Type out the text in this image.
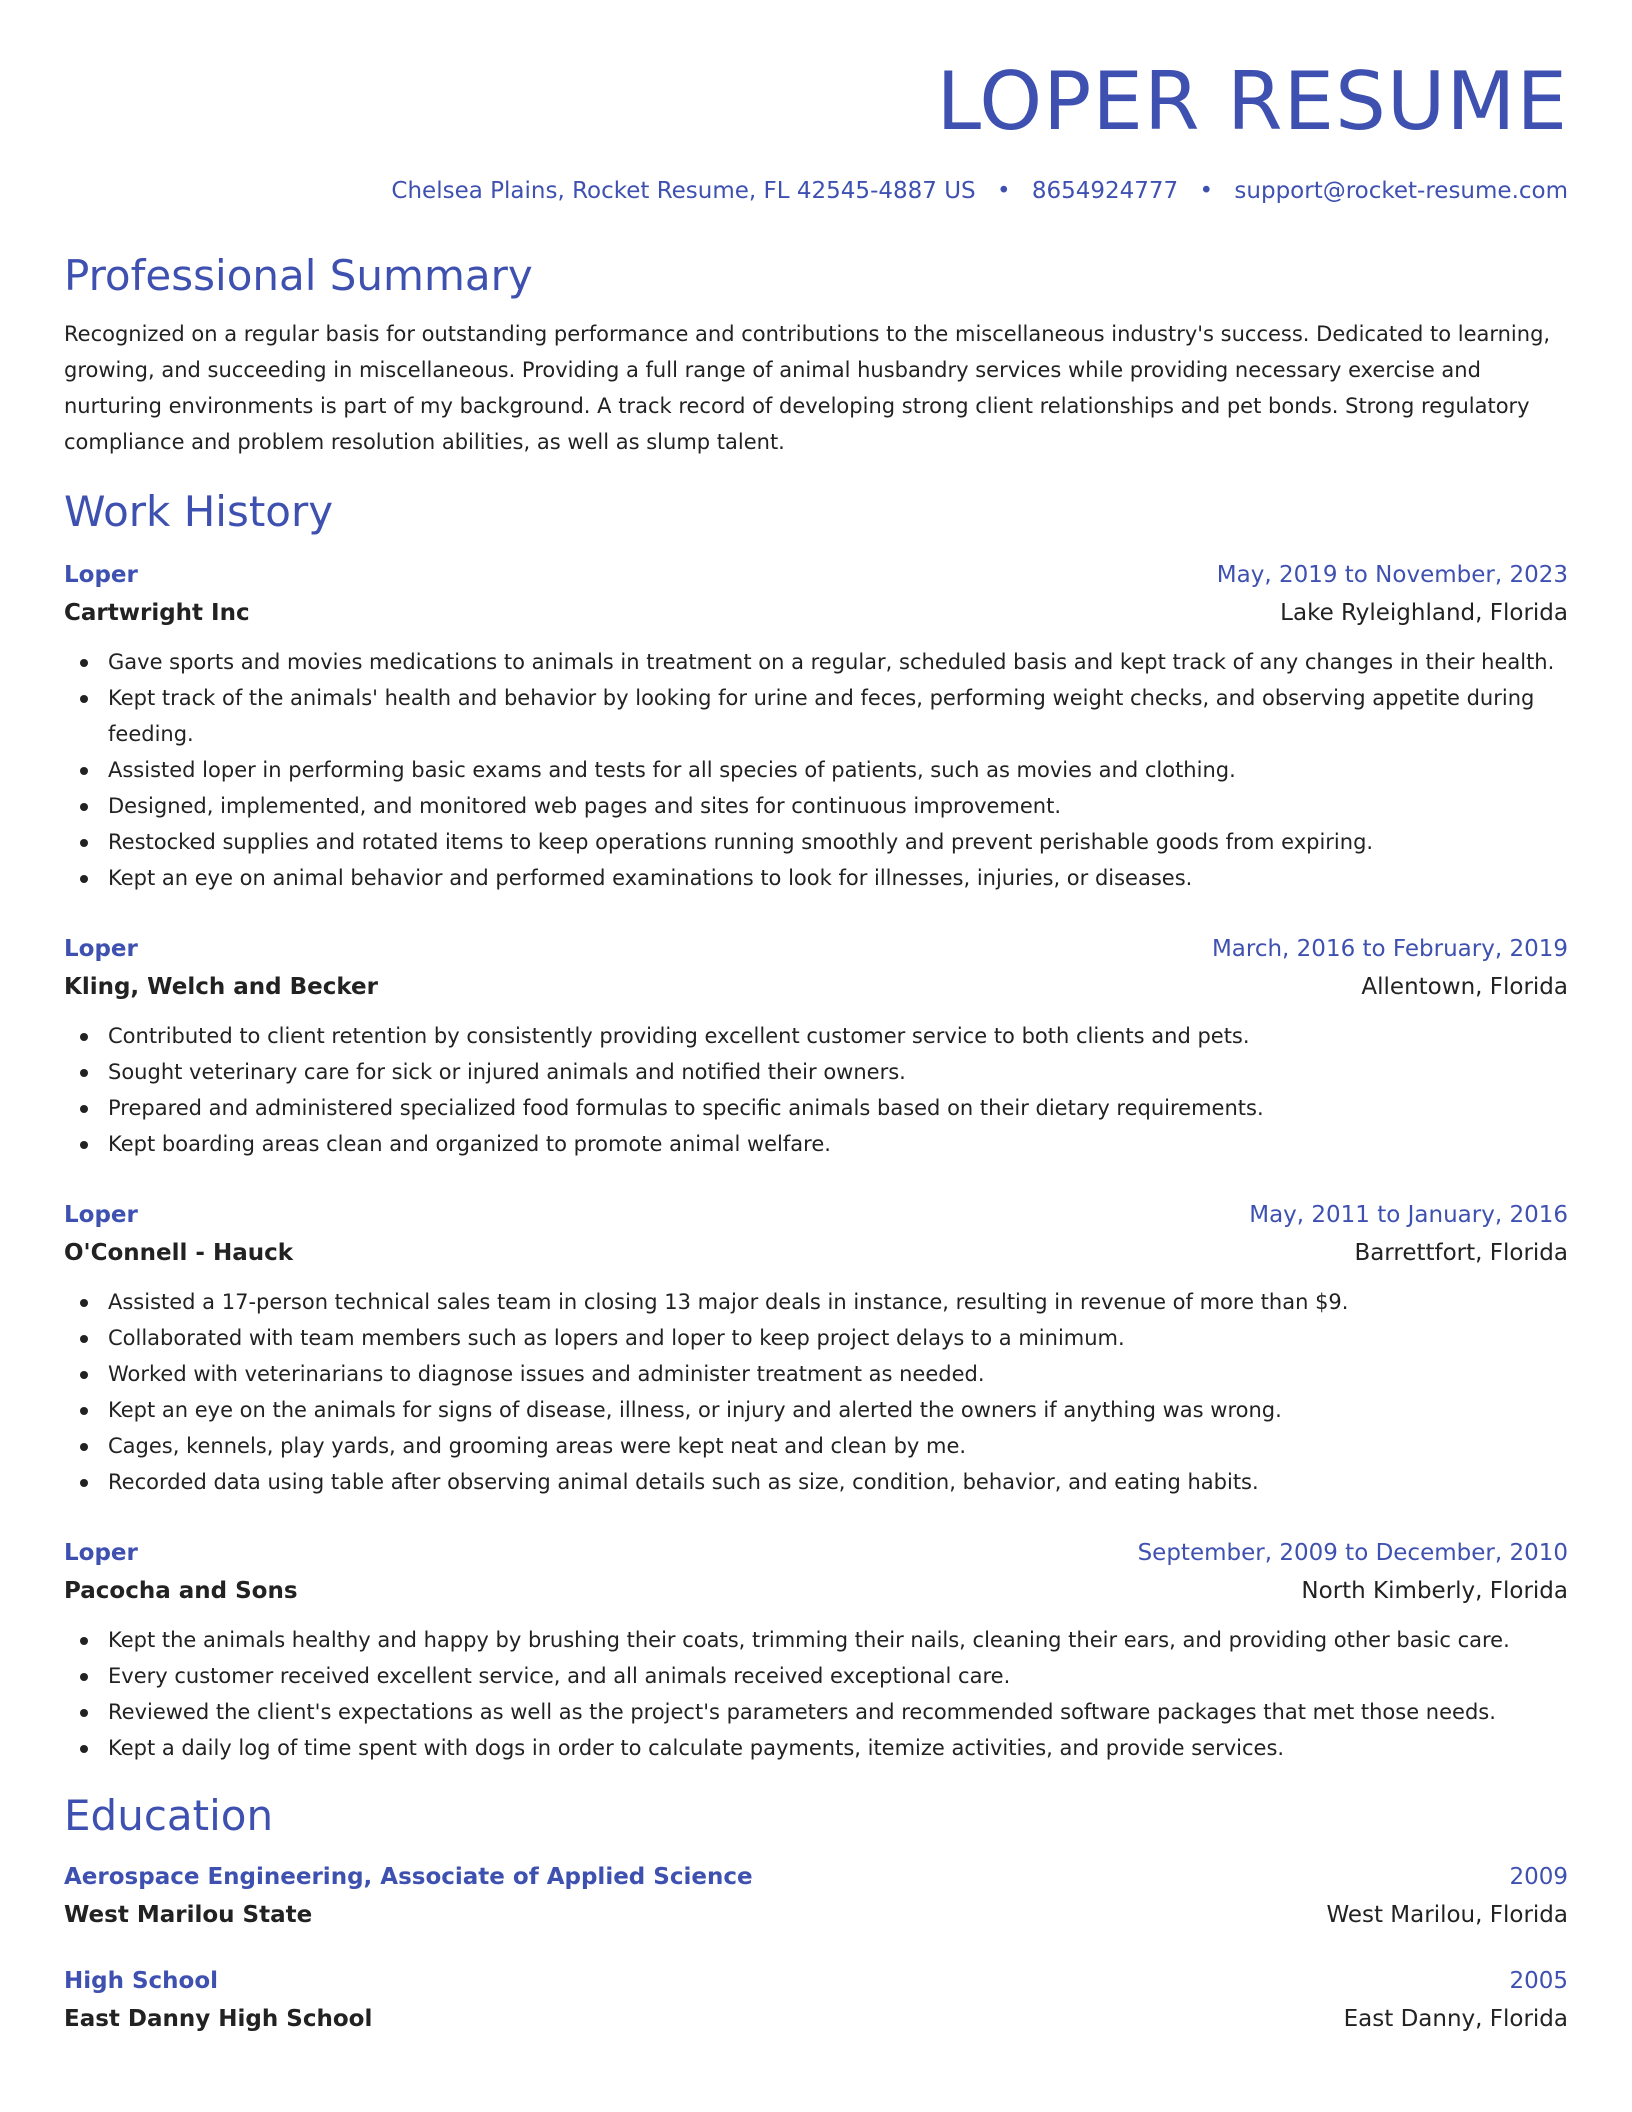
LOPER RESUME
Chelsea Plains, Rocket Resume, FL 42545-4887 US • 8654924777 • support@rocket-resume.com
Professional Summary
Recognized on a regular basis for outstanding performance and contributions to the miscellaneous industry's success. Dedicated to learning, growing, and succeeding in miscellaneous. Providing a full range of animal husbandry services while providing necessary exercise and nurturing environments is part of my background. A track record of developing strong client relationships and pet bonds. Strong regulatory compliance and problem resolution abilities, as well as slump talent.
Work History
Loper	May, 2019 to November, 2023
Cartwright Inc	Lake Ryleighland, Florida
Gave sports and movies medications to animals in treatment on a regular, scheduled basis and kept track of any changes in their health.
Kept track of the animals' health and behavior by looking for urine and feces, performing weight checks, and observing appetite during feeding.
Assisted loper in performing basic exams and tests for all species of patients, such as movies and clothing.
Designed, implemented, and monitored web pages and sites for continuous improvement.
Restocked supplies and rotated items to keep operations running smoothly and prevent perishable goods from expiring.
Kept an eye on animal behavior and performed examinations to look for illnesses, injuries, or diseases.
Loper	March, 2016 to February, 2019
Kling, Welch and Becker	Allentown, Florida
Contributed to client retention by consistently providing excellent customer service to both clients and pets.
Sought veterinary care for sick or injured animals and notified their owners.
Prepared and administered specialized food formulas to specific animals based on their dietary requirements.
Kept boarding areas clean and organized to promote animal welfare.
Loper	May, 2011 to January, 2016
O'Connell - Hauck	Barrettfort, Florida
Assisted a 17-person technical sales team in closing 13 major deals in instance, resulting in revenue of more than $9.
Collaborated with team members such as lopers and loper to keep project delays to a minimum.
Worked with veterinarians to diagnose issues and administer treatment as needed.
Kept an eye on the animals for signs of disease, illness, or injury and alerted the owners if anything was wrong.
Cages, kennels, play yards, and grooming areas were kept neat and clean by me.
Recorded data using table after observing animal details such as size, condition, behavior, and eating habits.
Loper	September, 2009 to December, 2010
Pacocha and Sons	North Kimberly, Florida
Kept the animals healthy and happy by brushing their coats, trimming their nails, cleaning their ears, and providing other basic care.
Every customer received excellent service, and all animals received exceptional care.
Reviewed the client's expectations as well as the project's parameters and recommended software packages that met those needs.
Kept a daily log of time spent with dogs in order to calculate payments, itemize activities, and provide services.
Education
Aerospace Engineering, Associate of Applied Science	2009
West Marilou State	West Marilou, Florida
High School	2005
East Danny High School	East Danny, Florida
